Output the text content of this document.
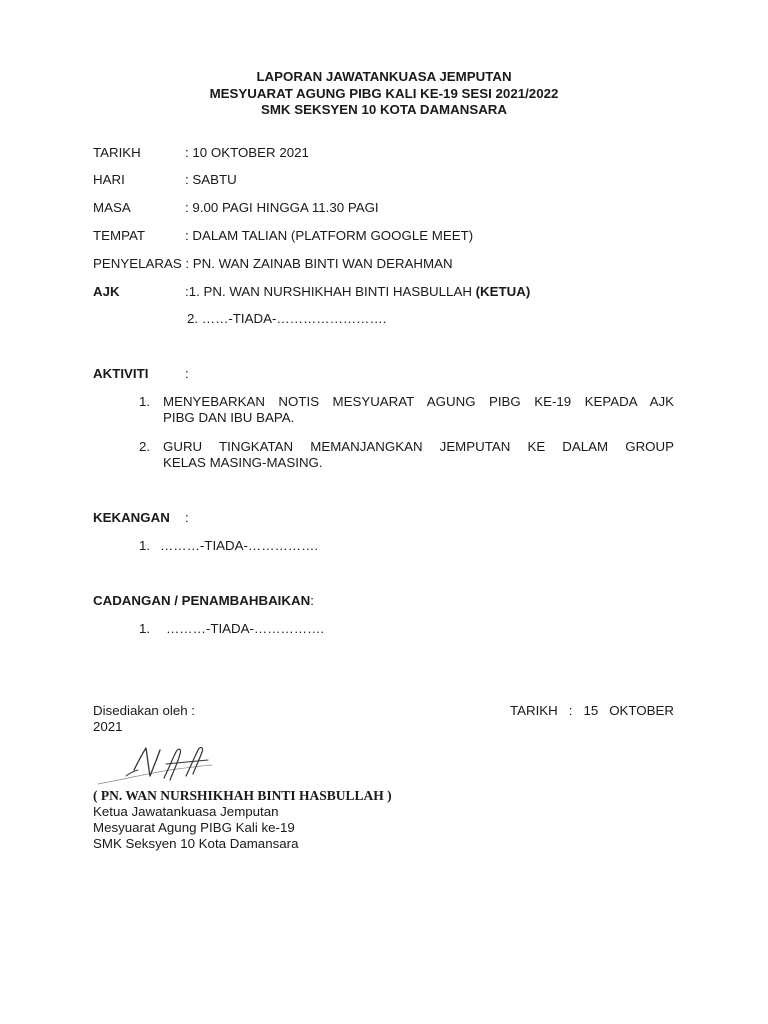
LAPORAN JAWATANKUASA JEMPUTAN
MESYUARAT AGUNG PIBG KALI KE-19 SESI 2021/2022
SMK SEKSYEN 10 KOTA DAMANSARA
TARIKH	: 10 OKTOBER 2021
HARI	: SABTU
MASA	: 9.00 PAGI HINGGA 11.30 PAGI
TEMPAT	: DALAM TALIAN (PLATFORM GOOGLE MEET)
PENYELARAS : PN. WAN ZAINAB BINTI WAN DERAHMAN
AJK	:1. PN. WAN NURSHIKHAH BINTI HASBULLAH (KETUA)
2. ……-TIADA-…………………….
AKTIVITI	:
1. MENYEBARKAN NOTIS MESYUARAT AGUNG PIBG KE-19 KEPADA AJK
PIBG DAN IBU BAPA.
2. GURU TINGKATAN MEMANJANGKAN JEMPUTAN KE DALAM GROUP
KELAS MASING-MASING.
KEKANGAN :
1. ………-TIADA-…………….
CADANGAN / PENAMBAHBAIKAN:
1. ………-TIADA-…………….
Disediakan oleh :	TARIKH : 15 OKTOBER
2021
( PN. WAN NURSHIKHAH BINTI HASBULLAH )
Ketua Jawatankuasa Jemputan
Mesyuarat Agung PIBG Kali ke-19
SMK Seksyen 10 Kota Damansara
